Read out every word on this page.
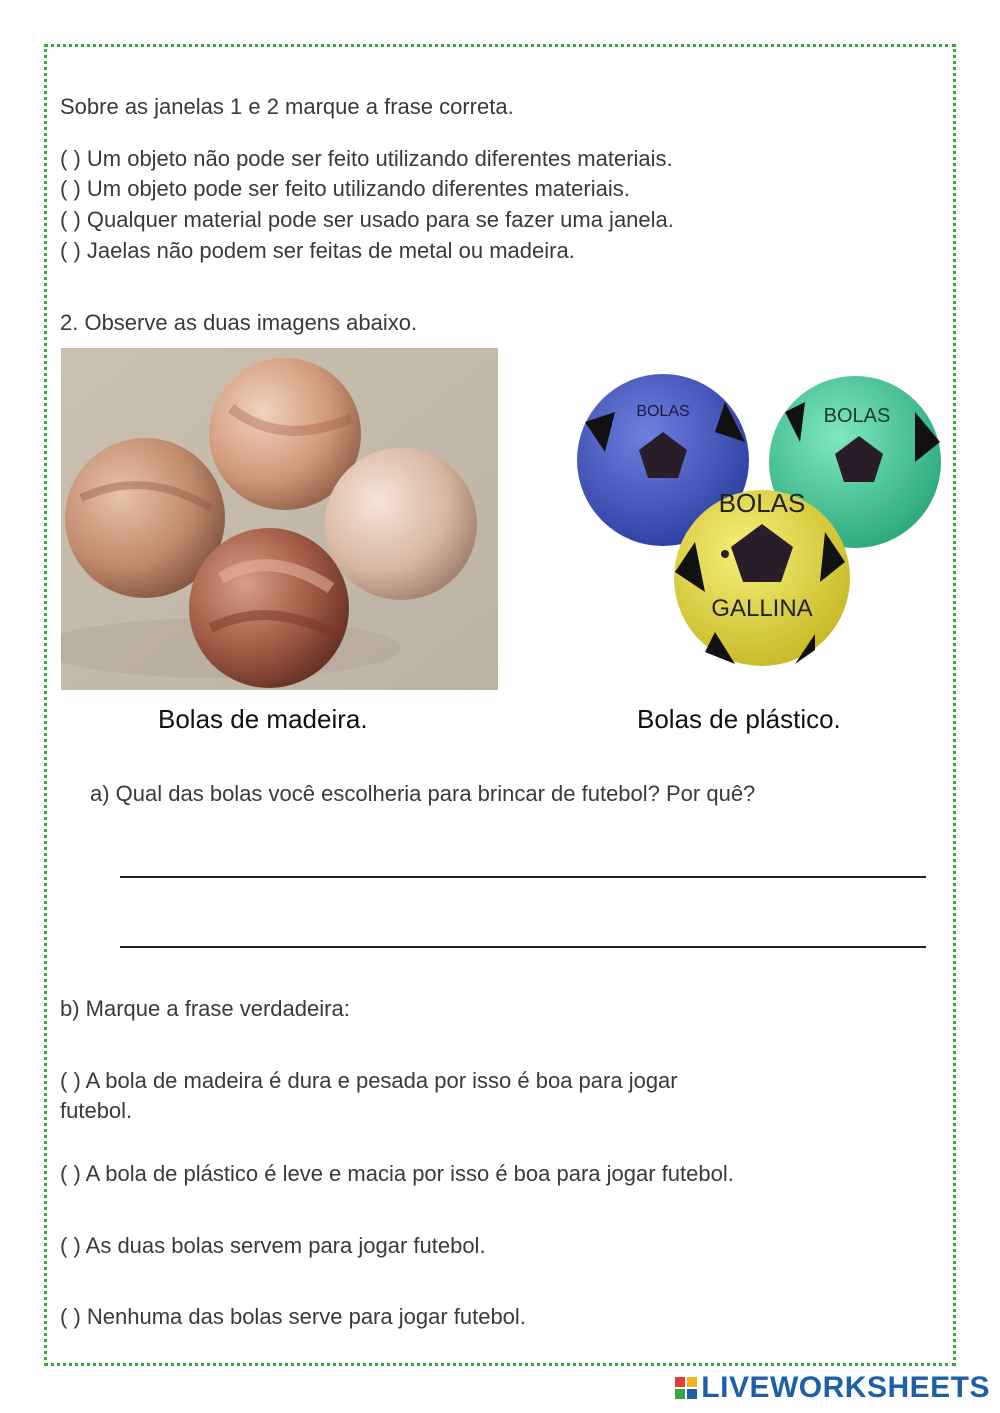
Sobre as janelas 1 e 2 marque a frase correta.

( ) Um objeto não pode ser feito utilizando diferentes materiais.

( ) Um objeto pode ser feito utilizando diferentes materiais.

( ) Qualquer material pode ser usado para se fazer uma janela.

( ) Jaelas não podem ser feitas de metal ou madeira.

2. Observe as duas imagens abaixo.

BOLAS	BOLAS
BOLAS
GALLINA
Bolas de madeira.	Bolas de plástico.

a) Qual das bolas você escolheria para brincar de futebol? Por quê?

b) Marque a frase verdadeira:

( ) A bola de madeira é dura e pesada por isso é boa para jogar

futebol.

( ) A bola de plástico é leve e macia por isso é boa para jogar futebol.

( ) As duas bolas servem para jogar futebol.

( ) Nenhuma das bolas serve para jogar futebol.

LIVEWORKSHEETS
